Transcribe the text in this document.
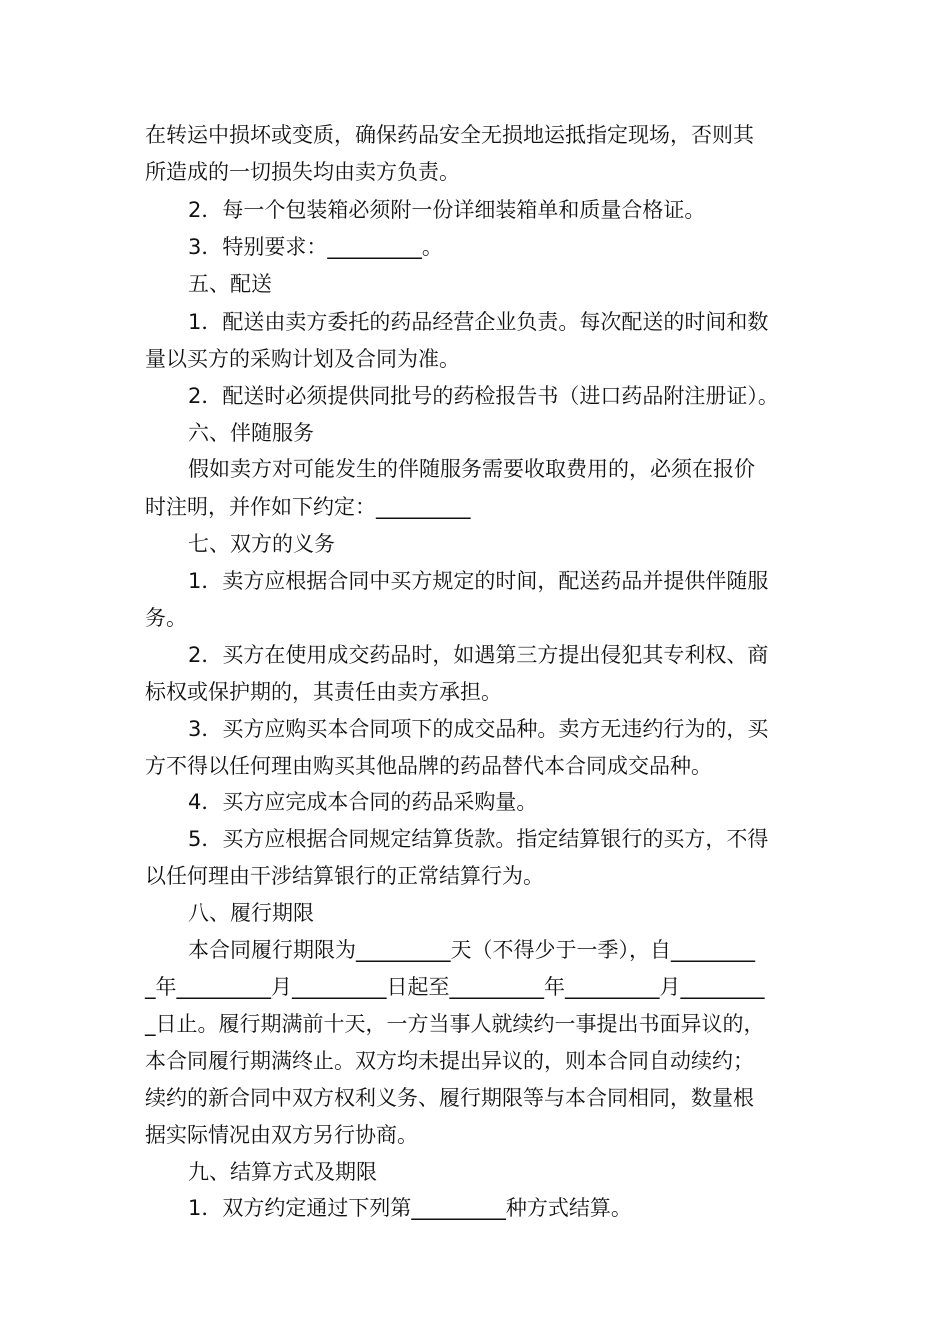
在转运中损坏或变质，确保药品安全无损地运抵指定现场，否则其
所造成的一切损失均由卖方负责。
2．每一个包装箱必须附一份详细装箱单和质量合格证。
3．特别要求：_________。
五、配送
1．配送由卖方委托的药品经营企业负责。每次配送的时间和数
量以买方的采购计划及合同为准。
2．配送时必须提供同批号的药检报告书（进口药品附注册证）。
六、伴随服务
假如卖方对可能发生的伴随服务需要收取费用的，必须在报价
时注明，并作如下约定：_________
七、双方的义务
1．卖方应根据合同中买方规定的时间，配送药品并提供伴随服
务。
2．买方在使用成交药品时，如遇第三方提出侵犯其专利权、商
标权或保护期的，其责任由卖方承担。
3．买方应购买本合同项下的成交品种。卖方无违约行为的，买
方不得以任何理由购买其他品牌的药品替代本合同成交品种。
4．买方应完成本合同的药品采购量。
5．买方应根据合同规定结算货款。指定结算银行的买方，不得
以任何理由干涉结算银行的正常结算行为。
八、履行期限
本合同履行期限为_________天（不得少于一季），自________
_年_________月_________日起至_________年_________月________
_日止。履行期满前十天，一方当事人就续约一事提出书面异议的，
本合同履行期满终止。双方均未提出异议的，则本合同自动续约；
续约的新合同中双方权利义务、履行期限等与本合同相同，数量根
据实际情况由双方另行协商。
九、结算方式及期限
1．双方约定通过下列第_________种方式结算。
